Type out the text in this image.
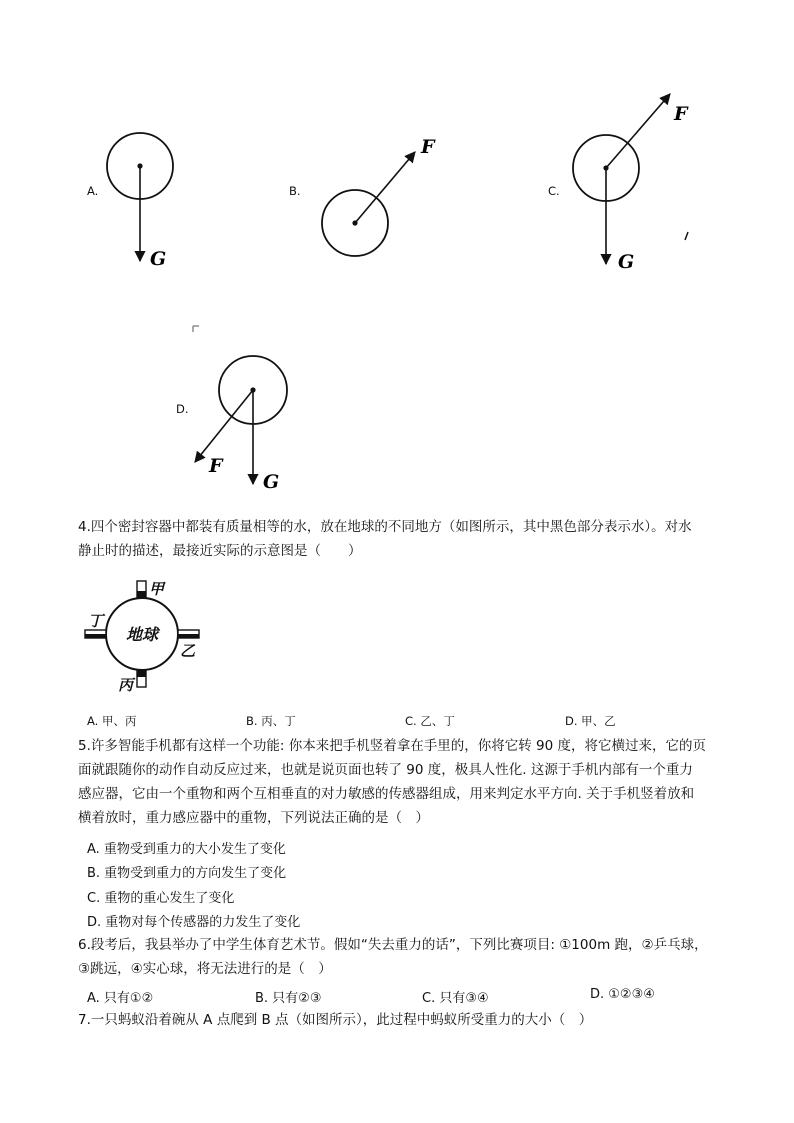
A.
G
B.
F
C.
F
G
D.
F
G
4.四个密封容器中都装有质量相等的水，放在地球的不同地方（如图所示，其中黑色部分表示水）。对水
静止时的描述，最接近实际的示意图是（　　）
地球
甲
乙
丙
丁
A. 甲、丙	B. 丙、丁	C. 乙、丁	D. 甲、乙
5.许多智能手机都有这样一个功能: 你本来把手机竖着拿在手里的，你将它转 90 度，将它横过来，它的页
面就跟随你的动作自动反应过来，也就是说页面也转了 90 度，极具人性化. 这源于手机内部有一个重力
感应器，它由一个重物和两个互相垂直的对力敏感的传感器组成，用来判定水平方向. 关于手机竖着放和
横着放时，重力感应器中的重物，下列说法正确的是（　）
A. 重物受到重力的大小发生了变化
B. 重物受到重力的方向发生了变化
C. 重物的重心发生了变化
D. 重物对每个传感器的力发生了变化
6.段考后，我县举办了中学生体育艺术节。假如“失去重力的话”，下列比赛项目: ①100m 跑，②乒乓球，
③跳远，④实心球，将无法进行的是（　）
A. 只有①②	B. 只有②③	C. 只有③④	D. ①②③④
7.一只蚂蚁沿着碗从 A 点爬到 B 点（如图所示），此过程中蚂蚁所受重力的大小（　）
